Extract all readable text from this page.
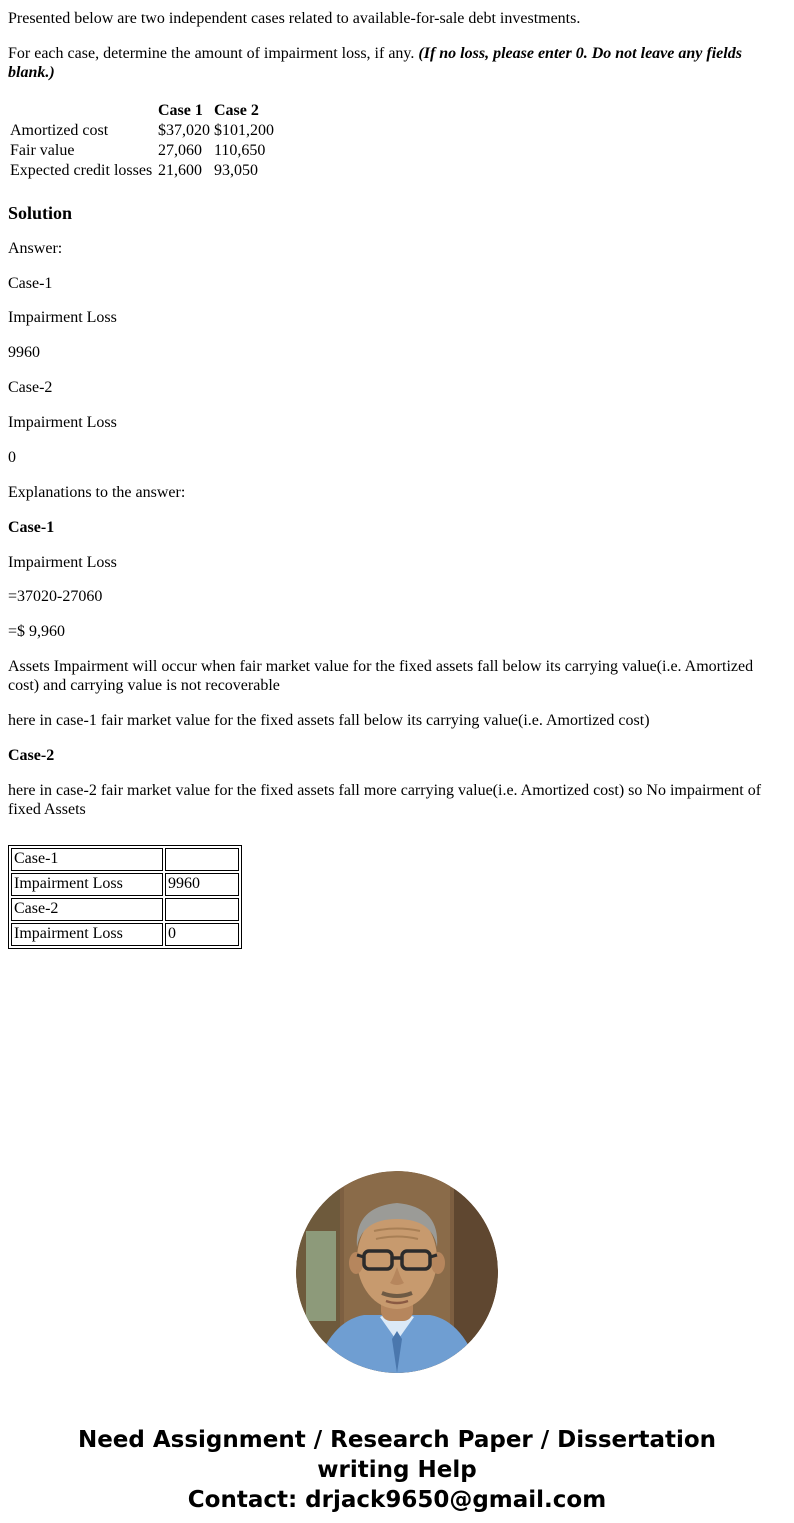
Presented below are two independent cases related to available-for-sale debt investments.

For each case, determine the amount of impairment loss, if any. (If no loss, please enter 0. Do not leave any fields blank.)

	Case 1	Case 2
Amortized cost	$37,020	$101,200
Fair value	27,060	110,650
Expected credit losses	21,600	93,050
Solution

Answer:

Case-1

Impairment Loss

9960

Case-2

Impairment Loss

0

Explanations to the answer:

Case-1

Impairment Loss

=37020-27060

=$ 9,960

Assets Impairment will occur when fair market value for the fixed assets fall below its carrying value(i.e. Amortized cost) and carrying value is not recoverable

here in case-1 fair market value for the fixed assets fall below its carrying value(i.e. Amortized cost)

Case-2

here in case-2 fair market value for the fixed assets fall more carrying value(i.e. Amortized cost) so No impairment of fixed Assets

Case-1	
Impairment Loss	9960
Case-2	
Impairment Loss	0
Need Assignment / Research Paper / Dissertation
writing Help
Contact: drjack9650@gmail.com
